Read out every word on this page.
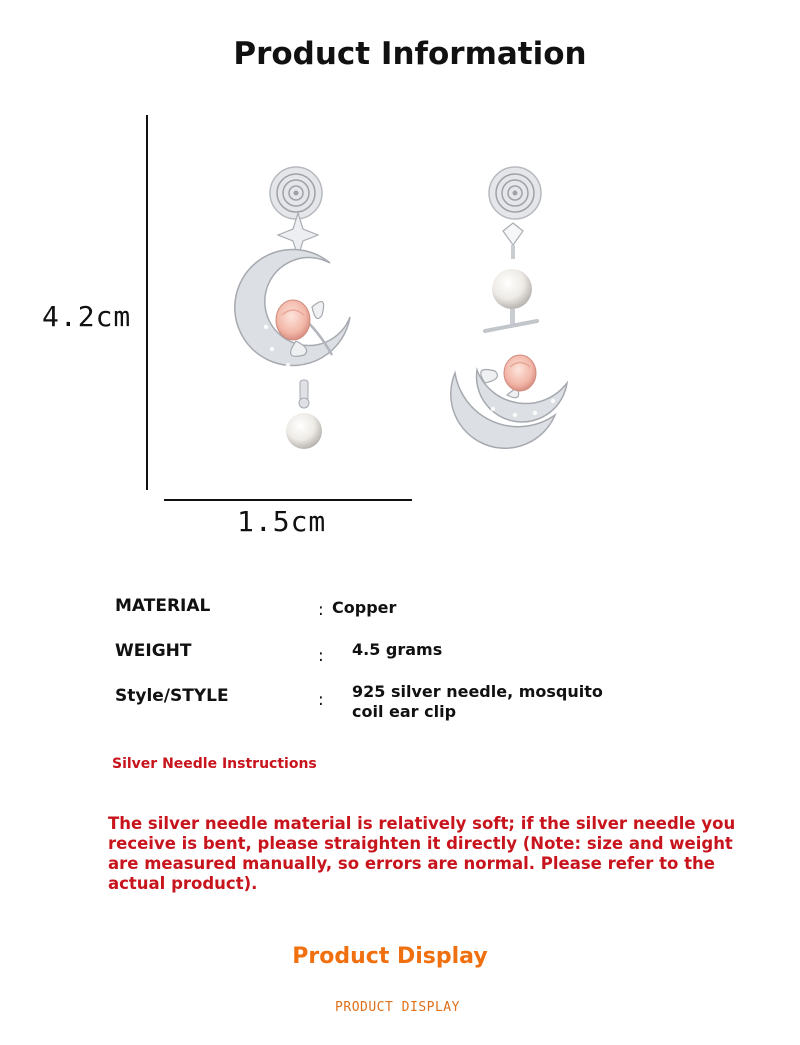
Product Information
4.2cm
1.5cm
MATERIAL	: Copper
WEIGHT	: 4.5 grams
Style/STYLE	: 925 silver needle, mosquito coil ear clip
Silver Needle Instructions
The silver needle material is relatively soft; if the silver needle you receive is bent, please straighten it directly (Note: size and weight are measured manually, so errors are normal. Please refer to the actual product).
Product Display
PRODUCT DISPLAY
